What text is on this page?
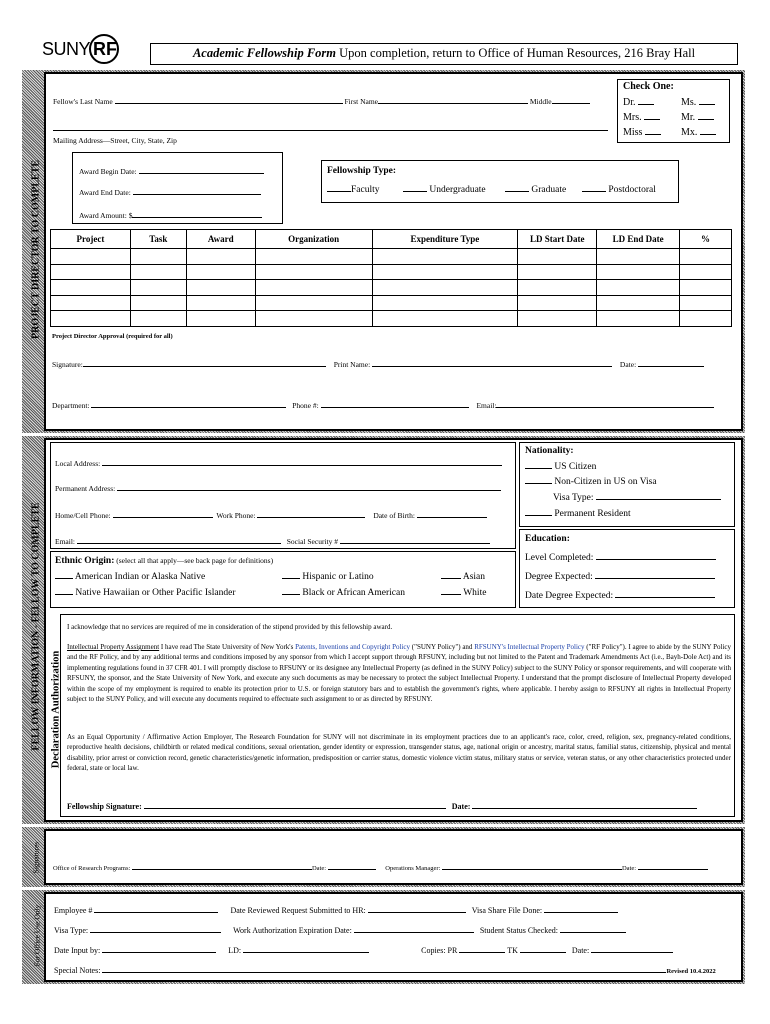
SUNY RF	Academic Fellowship Form Upon completion, return to Office of Human Resources, 216 Bray Hall
PROJECT DIRECTOR TO COMPLETE
Fellow's Last Name	First Name	Middle
Mailing Address—Street, City, State, Zip
Check One:
Dr.	Ms.
Mrs.	Mr.
Miss	Mx.
Award Begin Date:
Award End Date:
Award Amount: $
Fellowship Type:
Faculty	Undergraduate	Graduate	Postdoctoral
Project	Task	Award	Organization	Expenditure Type	LD Start Date	LD End Date	%

Project Director Approval (required for all)
Signature:	Print Name:	Date:
Department:	Phone #:	Email:
FELLOW INFORMATION - FELLOW TO COMPLETE
Local Address:
Permanent Address:
Home/Cell Phone:	Work Phone:	Date of Birth:
Email:	Social Security #
Ethnic Origin: (select all that apply—see back page for definitions)
American Indian or Alaska Native	Hispanic or Latino	Asian
Native Hawaiian or Other Pacific Islander	Black or African American	White
Nationality:
US Citizen
Non-Citizen in US on Visa
Visa Type:
Permanent Resident
Education:
Level Completed:
Degree Expected:
Date Degree Expected:
Declaration Authorization
I acknowledge that no services are required of me in consideration of the stipend provided by this fellowship award.
Intellectual Property Assignment I have read The State University of New York's Patents, Inventions and Copyright Policy ("SUNY Policy") and RFSUNY's Intellectual Property Policy ("RF Policy"). I agree to abide by the SUNY Policy and the RF Policy, and by any additional terms and conditions imposed by any sponsor from which I accept support through RFSUNY, including but not limited to the Patent and Trademark Amendments Act (i.e., Bayh-Dole Act) and its implementing regulations found in 37 CFR 401. I will promptly disclose to RFSUNY or its designee any Intellectual Property (as defined in the SUNY Policy) subject to the SUNY Policy or sponsor requirements, and will cooperate with RFSUNY, the sponsor, and the State University of New York, and execute any such documents as may be necessary to protect the subject Intellectual Property. I understand that the prompt disclosure of Intellectual Property developed within the scope of my employment is required to enable its protection prior to U.S. or foreign statutory bars and to establish the government's rights, where applicable. I hereby assign to RFSUNY all rights in Intellectual Property subject to the SUNY Policy, and will execute any documents required to effectuate such assignment to or as directed by RFSUNY.
As an Equal Opportunity / Affirmative Action Employer, The Research Foundation for SUNY will not discriminate in its employment practices due to an applicant's race, color, creed, religion, sex, pregnancy-related conditions, reproductive health decisions, childbirth or related medical conditions, sexual orientation, gender identity or expression, transgender status, age, national origin or ancestry, marital status, familial status, citizenship, physical and mental disability, prior arrest or conviction record, genetic characteristics/genetic information, predisposition or carrier status, domestic violence victim status, military status or service, veteran status, or any other characteristics protected under federal, state or local law.
Fellowship Signature:	Date:
Signatures Office of Research Programs:	Date:	Operations Manager:	Date:
For Office Use Only Employee #	Date Reviewed Request Submitted to HR:	Visa Share File Done:
Visa Type:	Work Authorization Expiration Date:	Student Status Checked:
Date Input by:	LD:	Copies: PR	TK	Date:
Special Notes:	Revised 10.4.2022
